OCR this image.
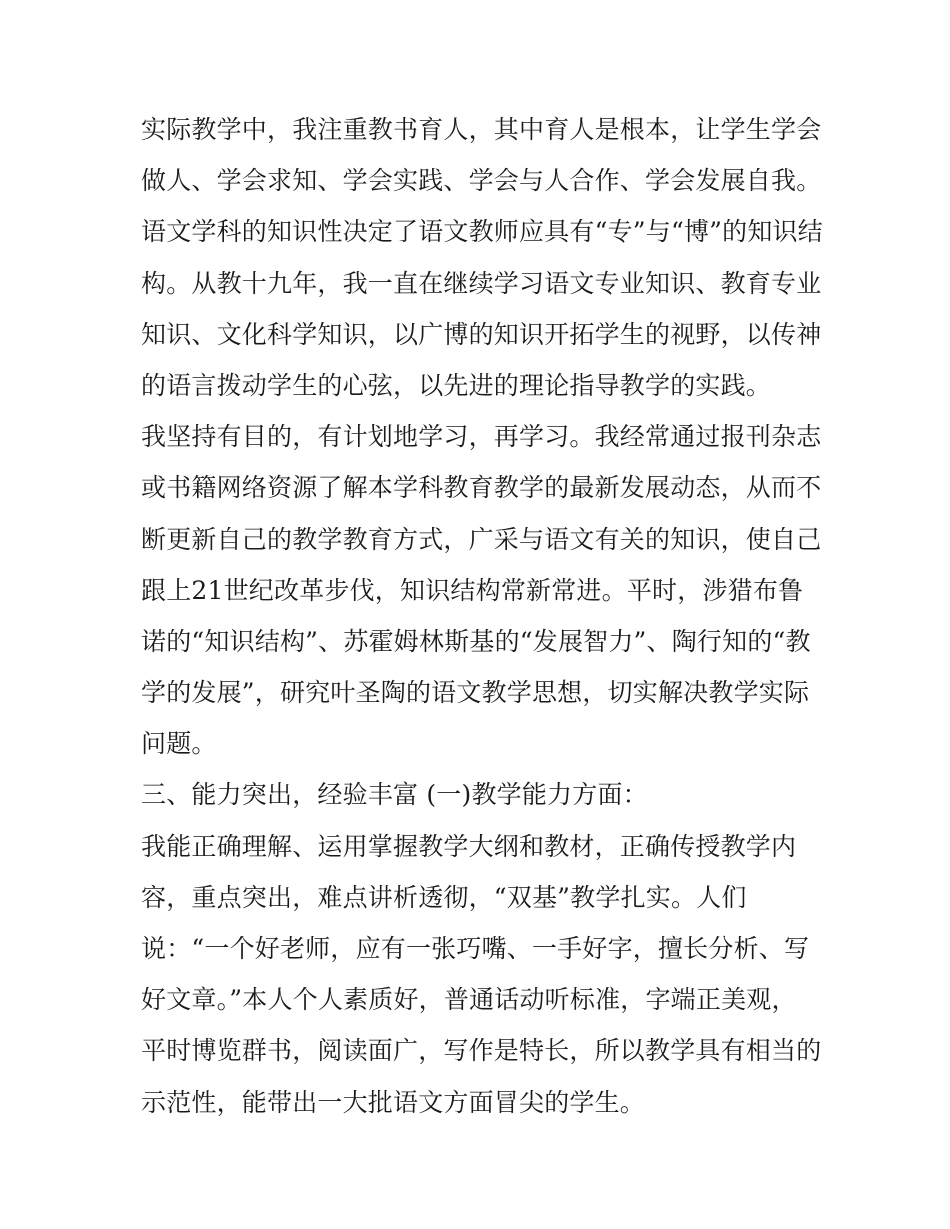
实际教学中，我注重教书育人，其中育人是根本，让学生学会
做人、学会求知、学会实践、学会与人合作、学会发展自我。
语文学科的知识性决定了语文教师应具有“专”与“博”的知识结
构。从教十九年，我一直在继续学习语文专业知识、教育专业
知识、文化科学知识，以广博的知识开拓学生的视野，以传神
的语言拨动学生的心弦，以先进的理论指导教学的实践。
我坚持有目的，有计划地学习，再学习。我经常通过报刊杂志
或书籍网络资源了解本学科教育教学的最新发展动态，从而不
断更新自己的教学教育方式，广采与语文有关的知识，使自己
跟上21世纪改革步伐，知识结构常新常进。平时，涉猎布鲁
诺的“知识结构”、苏霍姆林斯基的“发展智力”、陶行知的“教
学的发展”，研究叶圣陶的语文教学思想，切实解决教学实际
问题。
三、能力突出，经验丰富 (一)教学能力方面：
我能正确理解、运用掌握教学大纲和教材，正确传授教学内
容，重点突出，难点讲析透彻，“双基”教学扎实。人们
说：“一个好老师，应有一张巧嘴、一手好字，擅长分析、写
好文章。”本人个人素质好，普通话动听标准，字端正美观，
平时博览群书，阅读面广，写作是特长，所以教学具有相当的
示范性，能带出一大批语文方面冒尖的学生。
